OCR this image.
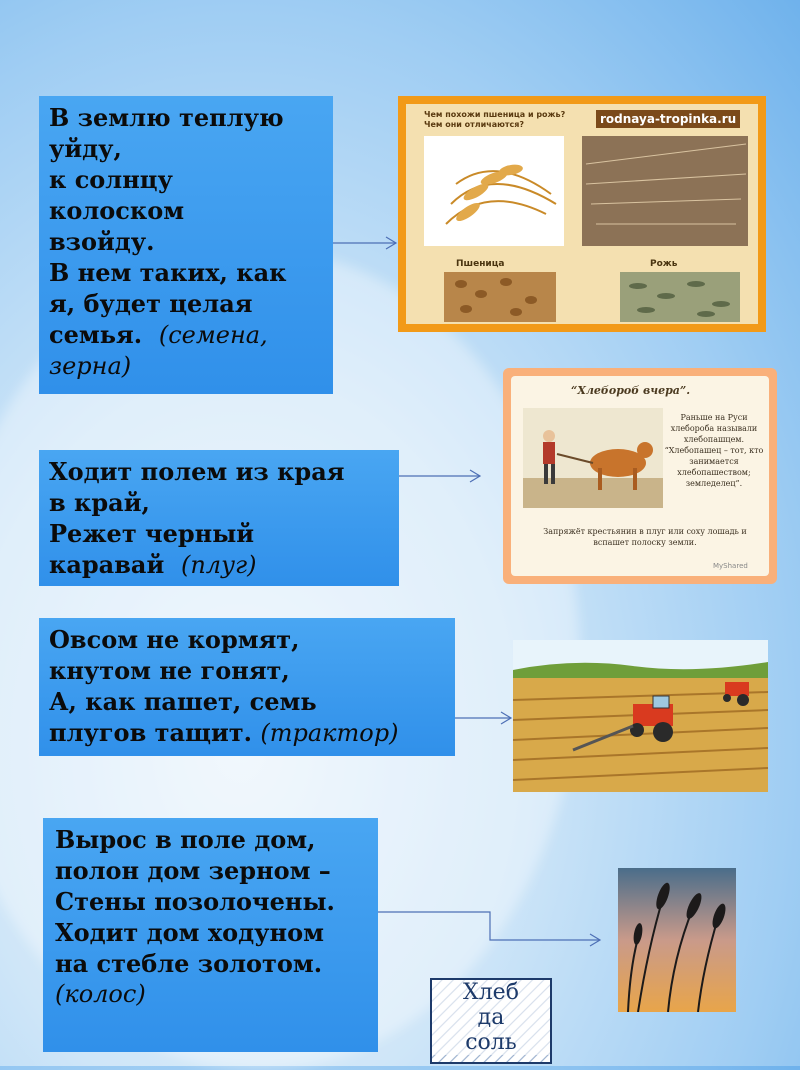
В землю теплую
уйду,
к солнцу
колоском
взойду.
В нем таких, как
я, будет целая
семья. (семена,
зерна)
Ходит полем из края
в край,
Режет черный
каравай (плуг)
Овсом не кормят,
кнутом не гонят,
А, как пашет, семь
плугов тащит. (трактор)
Вырос в поле дом,
полон дом зерном –
Стены позолочены.
Ходит дом ходуном
на стебле золотом.
(колос)
Чем похожи пшеница и рожь?
Чем они отличаются?	rodnaya-tropinka.ru
Пшеница	Рожь
“Хлебороб вчера”.
Раньше на Руси хлебороба называли хлебопашцем. “Хлебопашец – тот, кто занимается хлебопашеством; земледелец”.
Запряжёт крестьянин в плуг или соху лошадь и вспашет полоску земли.
MyShared
Хлеб
да
соль
